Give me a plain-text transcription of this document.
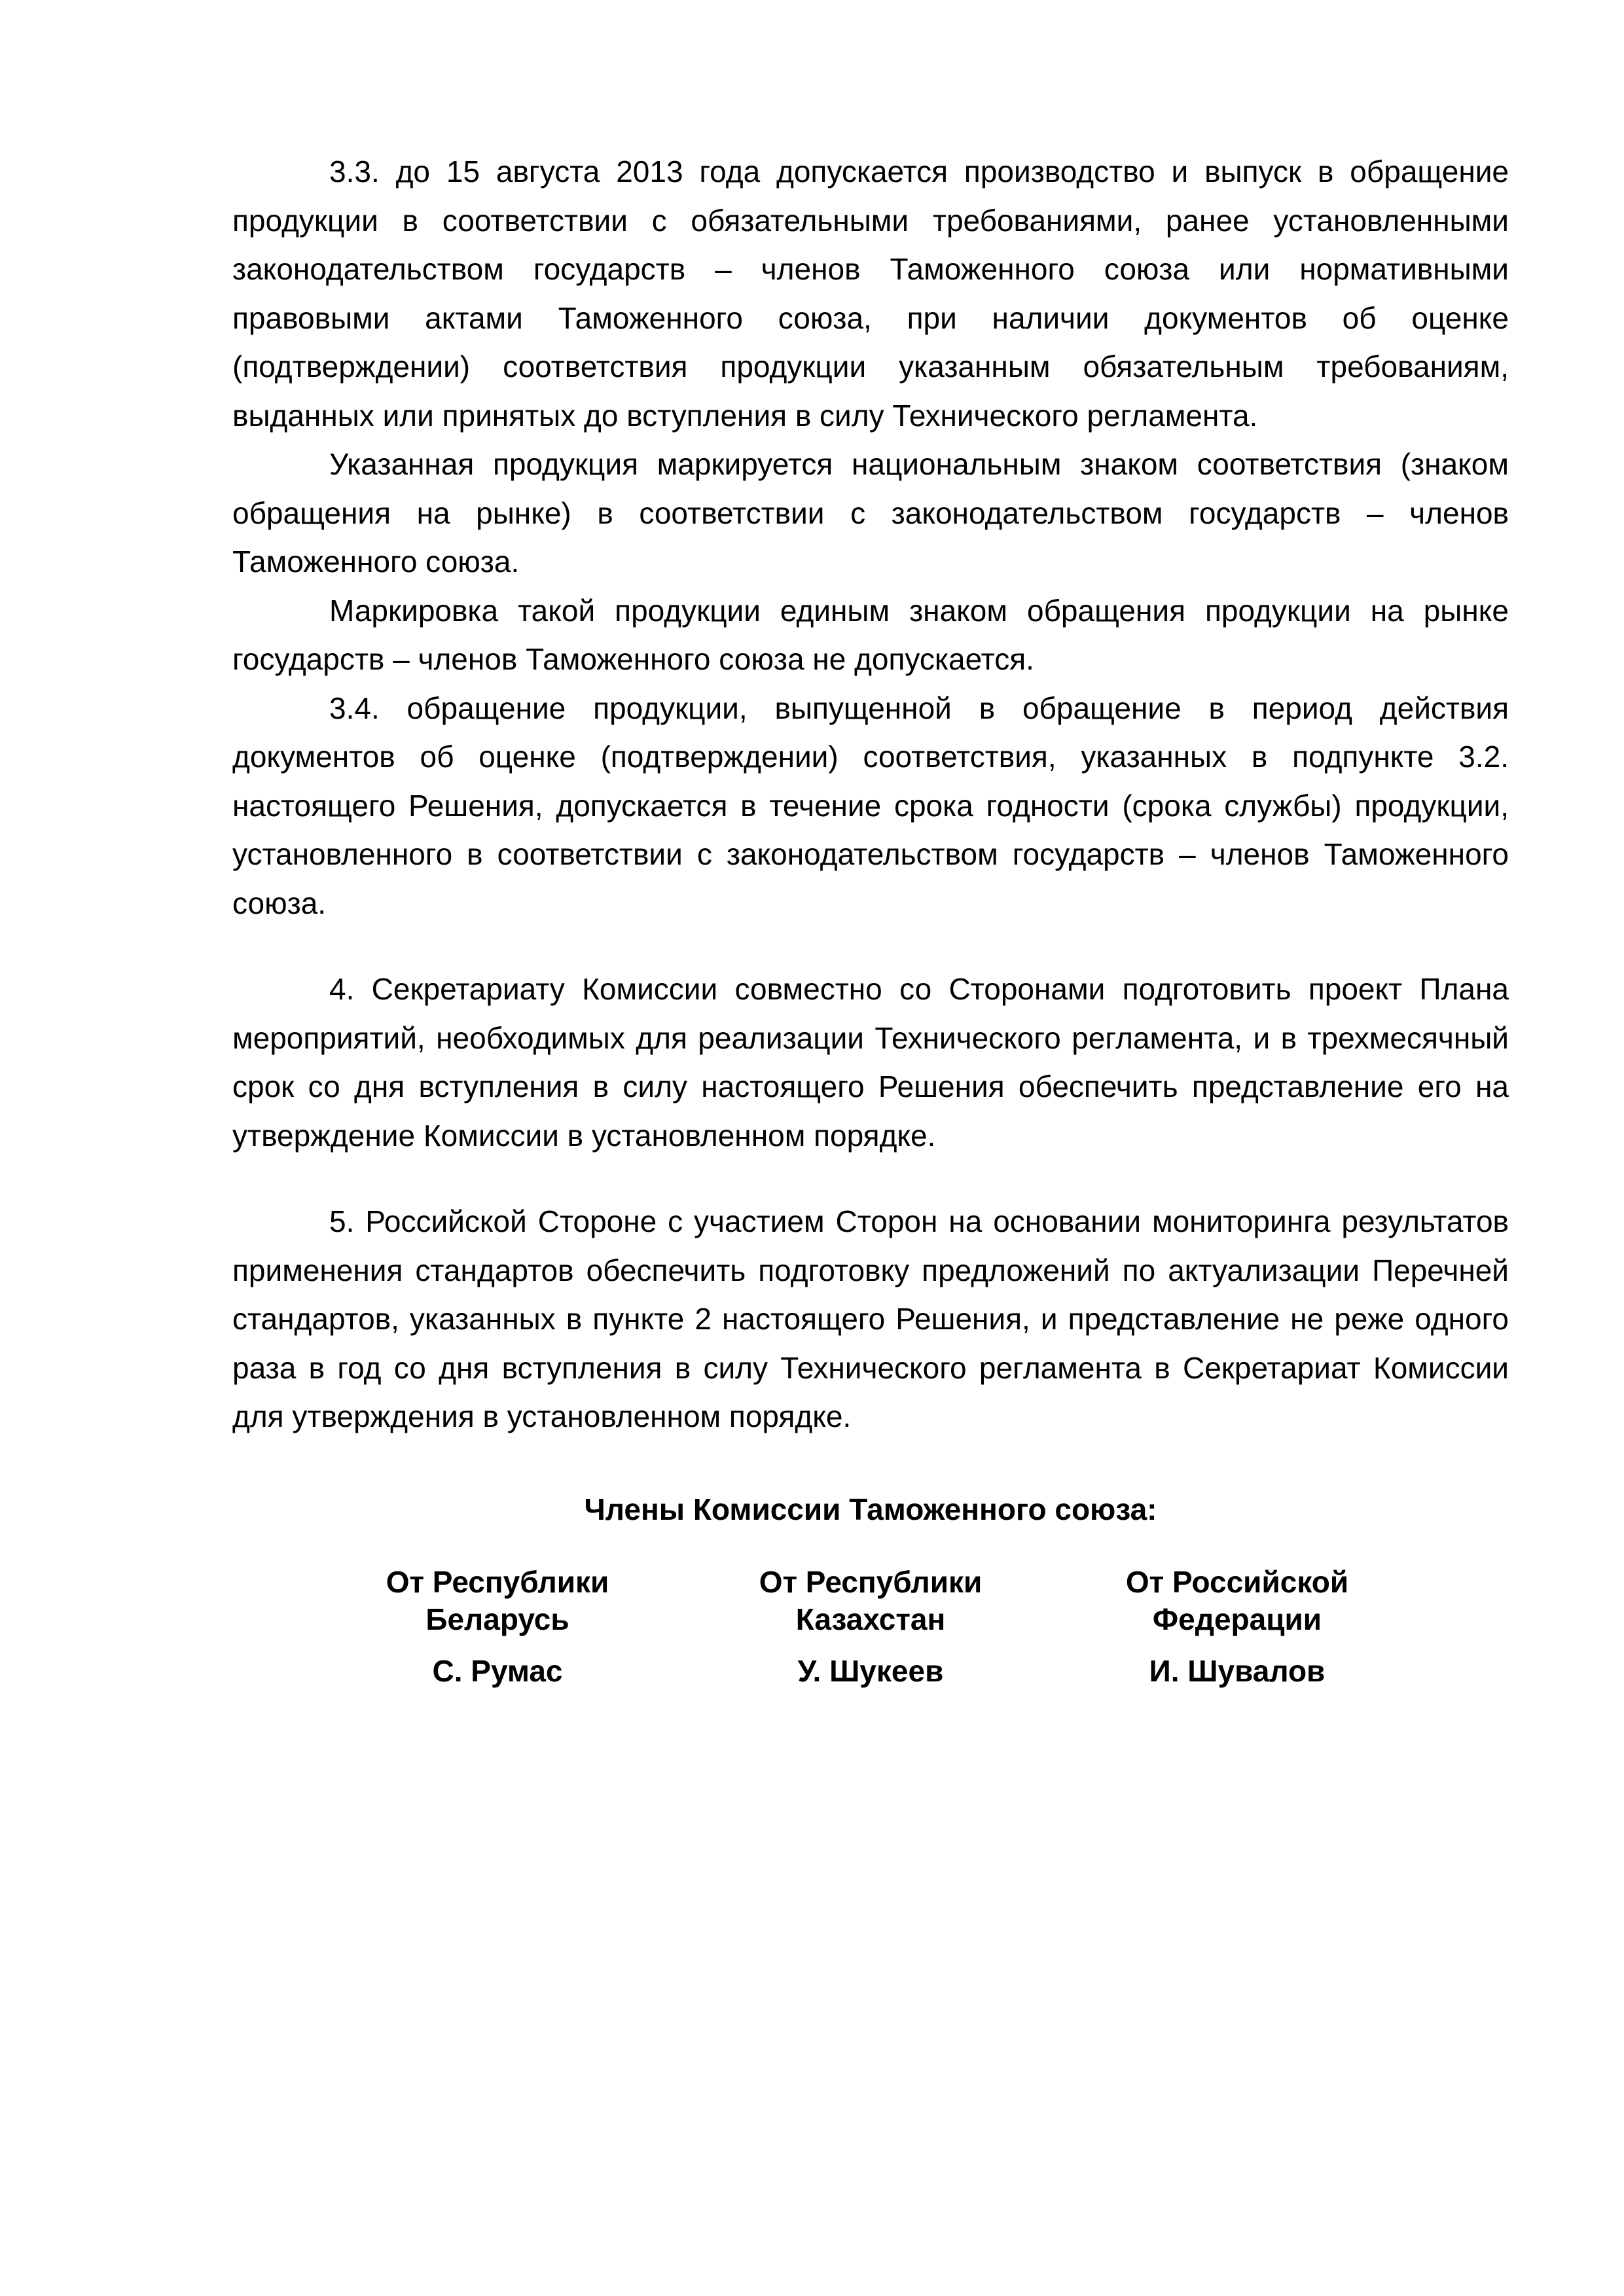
3.3. до 15 августа 2013 года допускается производство и выпуск в обращение продукции в соответствии с обязательными требованиями, ранее установленными законодательством государств – членов Таможенного союза или нормативными правовыми актами Таможенного союза, при наличии документов об оценке (подтверждении) соответствия продукции указанным обязательным требованиям, выданных или принятых до вступления в силу Технического регламента.

Указанная продукция маркируется национальным знаком соответствия (знаком обращения на рынке) в соответствии с законодательством государств – членов Таможенного союза.

Маркировка такой продукции единым знаком обращения продукции на рынке государств – членов Таможенного союза не допускается.

3.4. обращение продукции, выпущенной в обращение в период действия документов об оценке (подтверждении) соответствия, указанных в подпункте 3.2. настоящего Решения, допускается в течение срока годности (срока службы) продукции, установленного в соответствии с законодательством государств – членов Таможенного союза.

4. Секретариату Комиссии совместно со Сторонами подготовить проект Плана мероприятий, необходимых для реализации Технического регламента, и в трехмесячный срок со дня вступления в силу настоящего Решения обеспечить представление его на утверждение Комиссии в установленном порядке.

5. Российской Стороне с участием Сторон на основании мониторинга результатов применения стандартов обеспечить подготовку предложений по актуализации Перечней стандартов, указанных в пункте 2 настоящего Решения, и представление не реже одного раза в год со дня вступления в силу Технического регламента в Секретариат Комиссии для утверждения в установленном порядке.

Члены Комиссии Таможенного союза:
От Республики
Беларусь
С. Румас
От Республики
Казахстан
У. Шукеев
От Российской
Федерации
И. Шувалов
